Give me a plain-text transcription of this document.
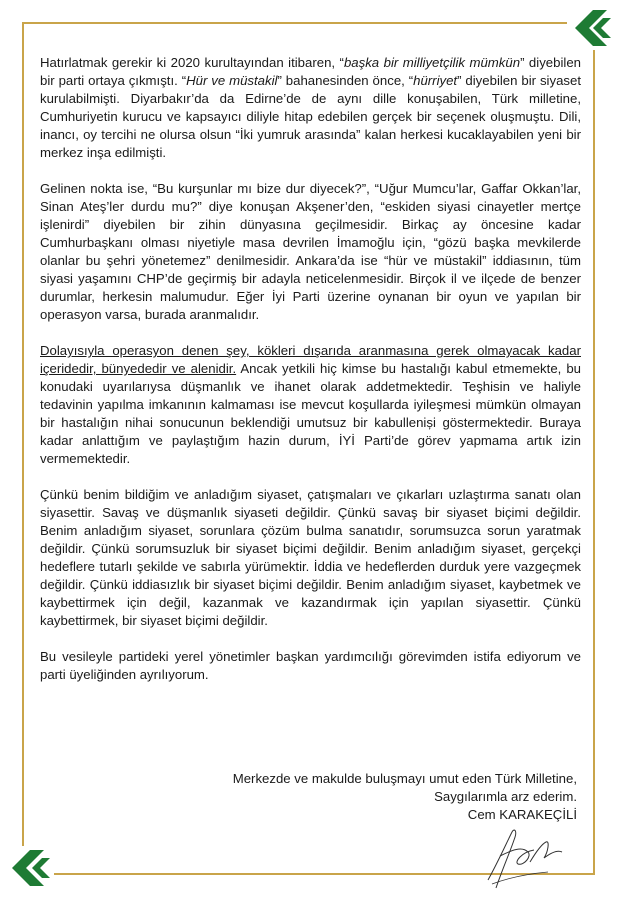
Hatırlatmak gerekir ki 2020 kurultayından itibaren, “başka bir milliyetçilik mümkün” diyebilen bir parti ortaya çıkmıştı. “Hür ve müstakil” bahanesinden önce, “hürriyet” diyebilen bir siyaset kurulabilmişti. Diyarbakır’da da Edirne’de de aynı dille konuşabilen, Türk milletine, Cumhuriyetin kurucu ve kapsayıcı diliyle hitap edebilen gerçek bir seçenek oluşmuştu. Dili, inancı, oy tercihi ne olursa olsun “İki yumruk arasında” kalan herkesi kucaklayabilen yeni bir merkez inşa edilmişti.

Gelinen nokta ise, “Bu kurşunlar mı bize dur diyecek?”, “Uğur Mumcu’lar, Gaffar Okkan’lar, Sinan Ateş’ler durdu mu?” diye konuşan Akşener’den, “eskiden siyasi cinayetler mertçe işlenirdi” diyebilen bir zihin dünyasına geçilmesidir. Birkaç ay öncesine kadar Cumhurbaşkanı olması niyetiyle masa devrilen İmamoğlu için, “gözü başka mevkilerde olanlar bu şehri yönetemez” denilmesidir. Ankara’da ise “hür ve müstakil” iddiasının, tüm siyasi yaşamını CHP’de geçirmiş bir adayla neticelenmesidir. Birçok il ve ilçede de benzer durumlar, herkesin malumudur. Eğer İyi Parti üzerine oynanan bir oyun ve yapılan bir operasyon varsa, burada aranmalıdır.

Dolayısıyla operasyon denen şey, kökleri dışarıda aranmasına gerek olmayacak kadar içeridedir, bünyededir ve alenidir. Ancak yetkili hiç kimse bu hastalığı kabul etmemekte, bu konudaki uyarılarıysa düşmanlık ve ihanet olarak addetmektedir. Teşhisin ve haliyle tedavinin yapılma imkanının kalmaması ise mevcut koşullarda iyileşmesi mümkün olmayan bir hastalığın nihai sonucunun beklendiği umutsuz bir kabulleniși göstermektedir. Buraya kadar anlattığım ve paylaştığım hazin durum, İYİ Parti’de görev yapmama artık izin vermemektedir.

Çünkü benim bildiğim ve anladığım siyaset, çatışmaları ve çıkarları uzlaştırma sanatı olan siyasettir. Savaş ve düşmanlık siyaseti değildir. Çünkü savaş bir siyaset biçimi değildir. Benim anladığım siyaset, sorunlara çözüm bulma sanatıdır, sorumsuzca sorun yaratmak değildir. Çünkü sorumsuzluk bir siyaset biçimi değildir. Benim anladığım siyaset, gerçekçi hedeflere tutarlı şekilde ve sabırla yürümektir. İddia ve hedeflerden durduk yere vazgeçmek değildir. Çünkü iddiasızlık bir siyaset biçimi değildir. Benim anladığım siyaset, kaybetmek ve kaybettirmek için değil, kazanmak ve kazandırmak için yapılan siyasettir. Çünkü kaybettirmek, bir siyaset biçimi değildir.

Bu vesileyle partideki yerel yönetimler başkan yardımcılığı görevimden istifa ediyorum ve parti üyeliğinden ayrılıyorum.

Merkezde ve makulde buluşmayı umut eden Türk Milletine,
Saygılarımla arz ederim.
Cem KARAKEÇİLİ
